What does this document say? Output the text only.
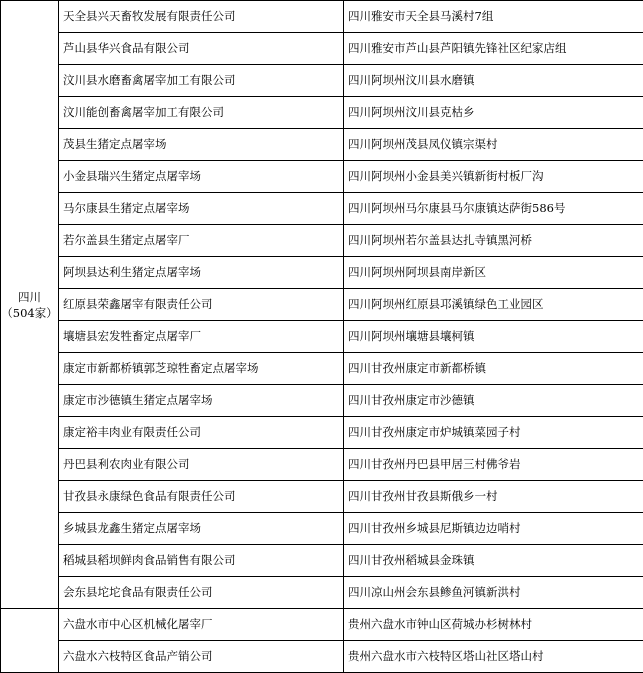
四川
（504家）	天全县兴天畜牧发展有限责任公司	四川雅安市天全县马溪村7组
	芦山县华兴食品有限公司	四川雅安市芦山县芦阳镇先锋社区纪家店组
	汶川县水磨畜禽屠宰加工有限公司	四川阿坝州汶川县水磨镇
	汶川能创畜禽屠宰加工有限公司	四川阿坝州汶川县克枯乡
	茂县生猪定点屠宰场	四川阿坝州茂县凤仪镇宗渠村
	小金县瑞兴生猪定点屠宰场	四川阿坝州小金县美兴镇新街村板厂沟
	马尔康县生猪定点屠宰场	四川阿坝州马尔康县马尔康镇达萨街586号
	若尔盖县生猪定点屠宰厂	四川阿坝州若尔盖县达扎寺镇黑河桥
	阿坝县达利生猪定点屠宰场	四川阿坝州阿坝县南岸新区
	红原县荣鑫屠宰有限责任公司	四川阿坝州红原县邛溪镇绿色工业园区
	壤塘县宏发牲畜定点屠宰厂	四川阿坝州壤塘县壤柯镇
	康定市新都桥镇郭芝琼牲畜定点屠宰场	四川甘孜州康定市新都桥镇
	康定市沙德镇生猪定点屠宰场	四川甘孜州康定市沙德镇
	康定裕丰肉业有限责任公司	四川甘孜州康定市炉城镇菜园子村
	丹巴县利农肉业有限公司	四川甘孜州丹巴县甲居三村佛爷岩
	甘孜县永康绿色食品有限责任公司	四川甘孜州甘孜县斯俄乡一村
	乡城县龙鑫生猪定点屠宰场	四川甘孜州乡城县尼斯镇边边哨村
	稻城县稻坝鲜肉食品销售有限公司	四川甘孜州稻城县金珠镇
	会东县坨坨食品有限责任公司	四川凉山州会东县鲹鱼河镇新洪村

	六盘水市中心区机械化屠宰厂	贵州六盘水市钟山区荷城办杉树林村
	六盘水六枝特区食品产销公司	贵州六盘水市六枝特区塔山社区塔山村
